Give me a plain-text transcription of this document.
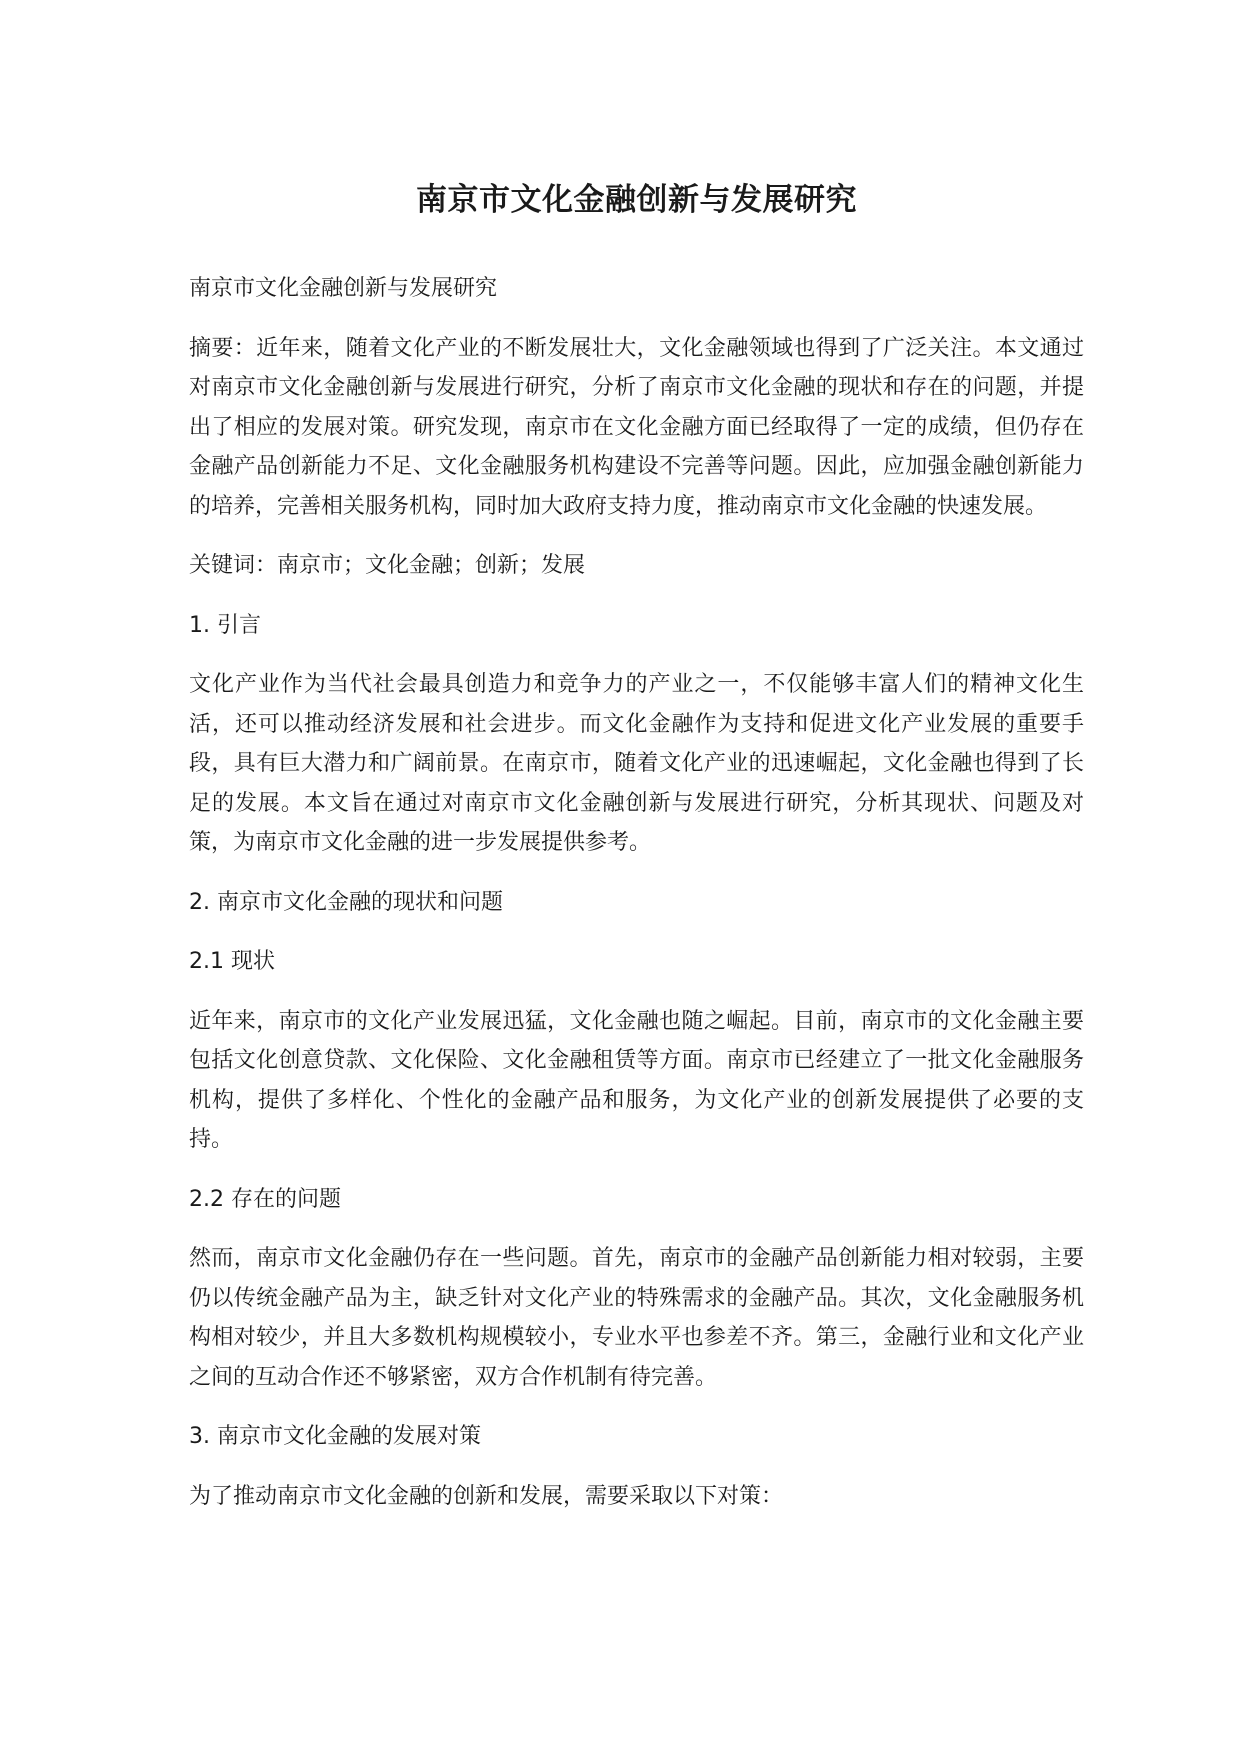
南京市文化金融创新与发展研究

南京市文化金融创新与发展研究

摘要：近年来，随着文化产业的不断发展壮大，文化金融领域也得到了广泛关注。本文通过对南京市文化金融创新与发展进行研究，分析了南京市文化金融的现状和存在的问题，并提出了相应的发展对策。研究发现，南京市在文化金融方面已经取得了一定的成绩，但仍存在金融产品创新能力不足、文化金融服务机构建设不完善等问题。因此，应加强金融创新能力的培养，完善相关服务机构，同时加大政府支持力度，推动南京市文化金融的快速发展。

关键词：南京市；文化金融；创新；发展

1. 引言

文化产业作为当代社会最具创造力和竞争力的产业之一，不仅能够丰富人们的精神文化生活，还可以推动经济发展和社会进步。而文化金融作为支持和促进文化产业发展的重要手段，具有巨大潜力和广阔前景。在南京市，随着文化产业的迅速崛起，文化金融也得到了长足的发展。本文旨在通过对南京市文化金融创新与发展进行研究，分析其现状、问题及对策，为南京市文化金融的进一步发展提供参考。

2. 南京市文化金融的现状和问题

2.1 现状

近年来，南京市的文化产业发展迅猛，文化金融也随之崛起。目前，南京市的文化金融主要包括文化创意贷款、文化保险、文化金融租赁等方面。南京市已经建立了一批文化金融服务机构，提供了多样化、个性化的金融产品和服务，为文化产业的创新发展提供了必要的支持。

2.2 存在的问题

然而，南京市文化金融仍存在一些问题。首先，南京市的金融产品创新能力相对较弱，主要仍以传统金融产品为主，缺乏针对文化产业的特殊需求的金融产品。其次，文化金融服务机构相对较少，并且大多数机构规模较小，专业水平也参差不齐。第三，金融行业和文化产业之间的互动合作还不够紧密，双方合作机制有待完善。

3. 南京市文化金融的发展对策

为了推动南京市文化金融的创新和发展，需要采取以下对策：
